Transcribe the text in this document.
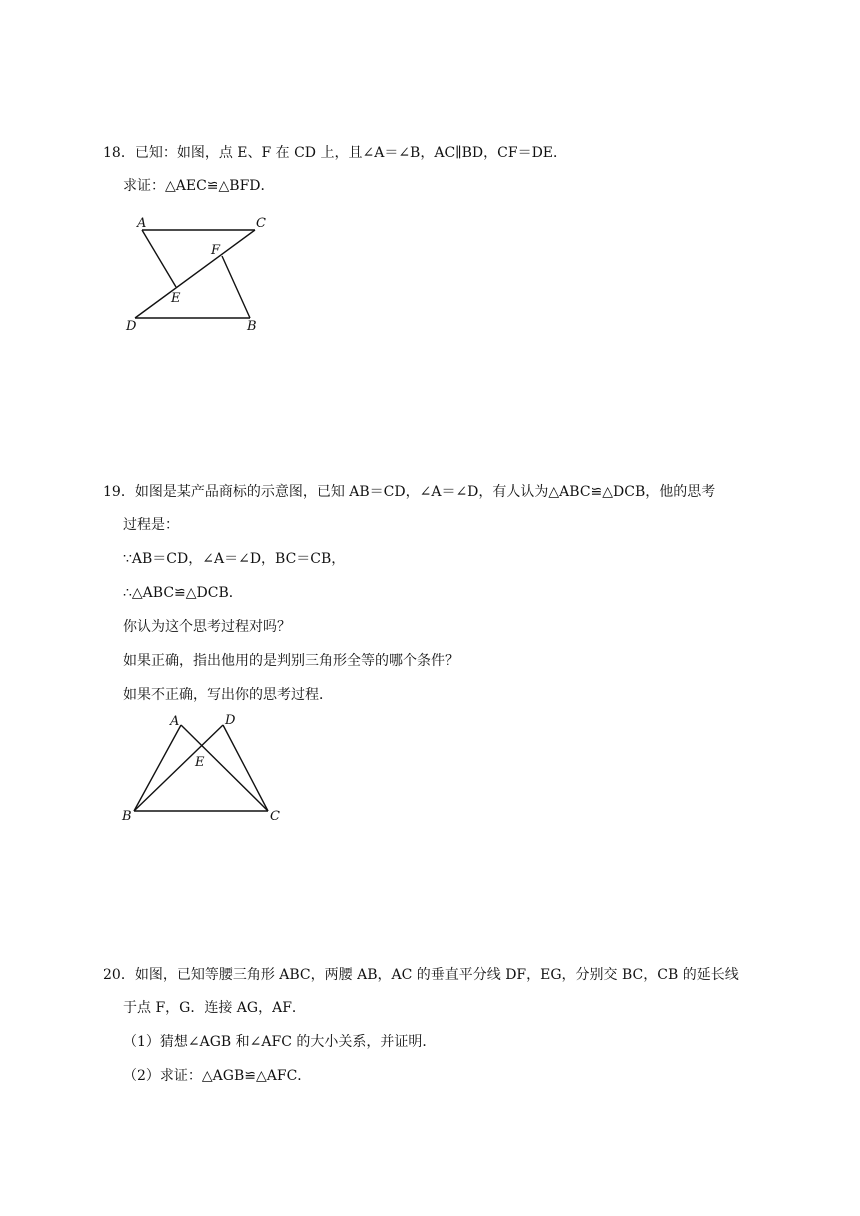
18．已知：如图，点 E、F 在 CD 上，且∠A＝∠B，AC∥BD，CF＝DE．
求证：△AEC≌△BFD．
A	C
F
E
D	B
19．如图是某产品商标的示意图，已知 AB＝CD，∠A＝∠D，有人认为△ABC≌△DCB，他的思考
过程是：
∵AB＝CD，∠A＝∠D，BC＝CB，
∴△ABC≌△DCB．
你认为这个思考过程对吗？
如果正确，指出他用的是判别三角形全等的哪个条件？
如果不正确，写出你的思考过程．
A	D
E
B	C
20．如图，已知等腰三角形 ABC，两腰 AB，AC 的垂直平分线 DF，EG，分别交 BC，CB 的延长线
于点 F，G．连接 AG，AF．
（1）猜想∠AGB 和∠AFC 的大小关系，并证明．
（2）求证：△AGB≌△AFC．
